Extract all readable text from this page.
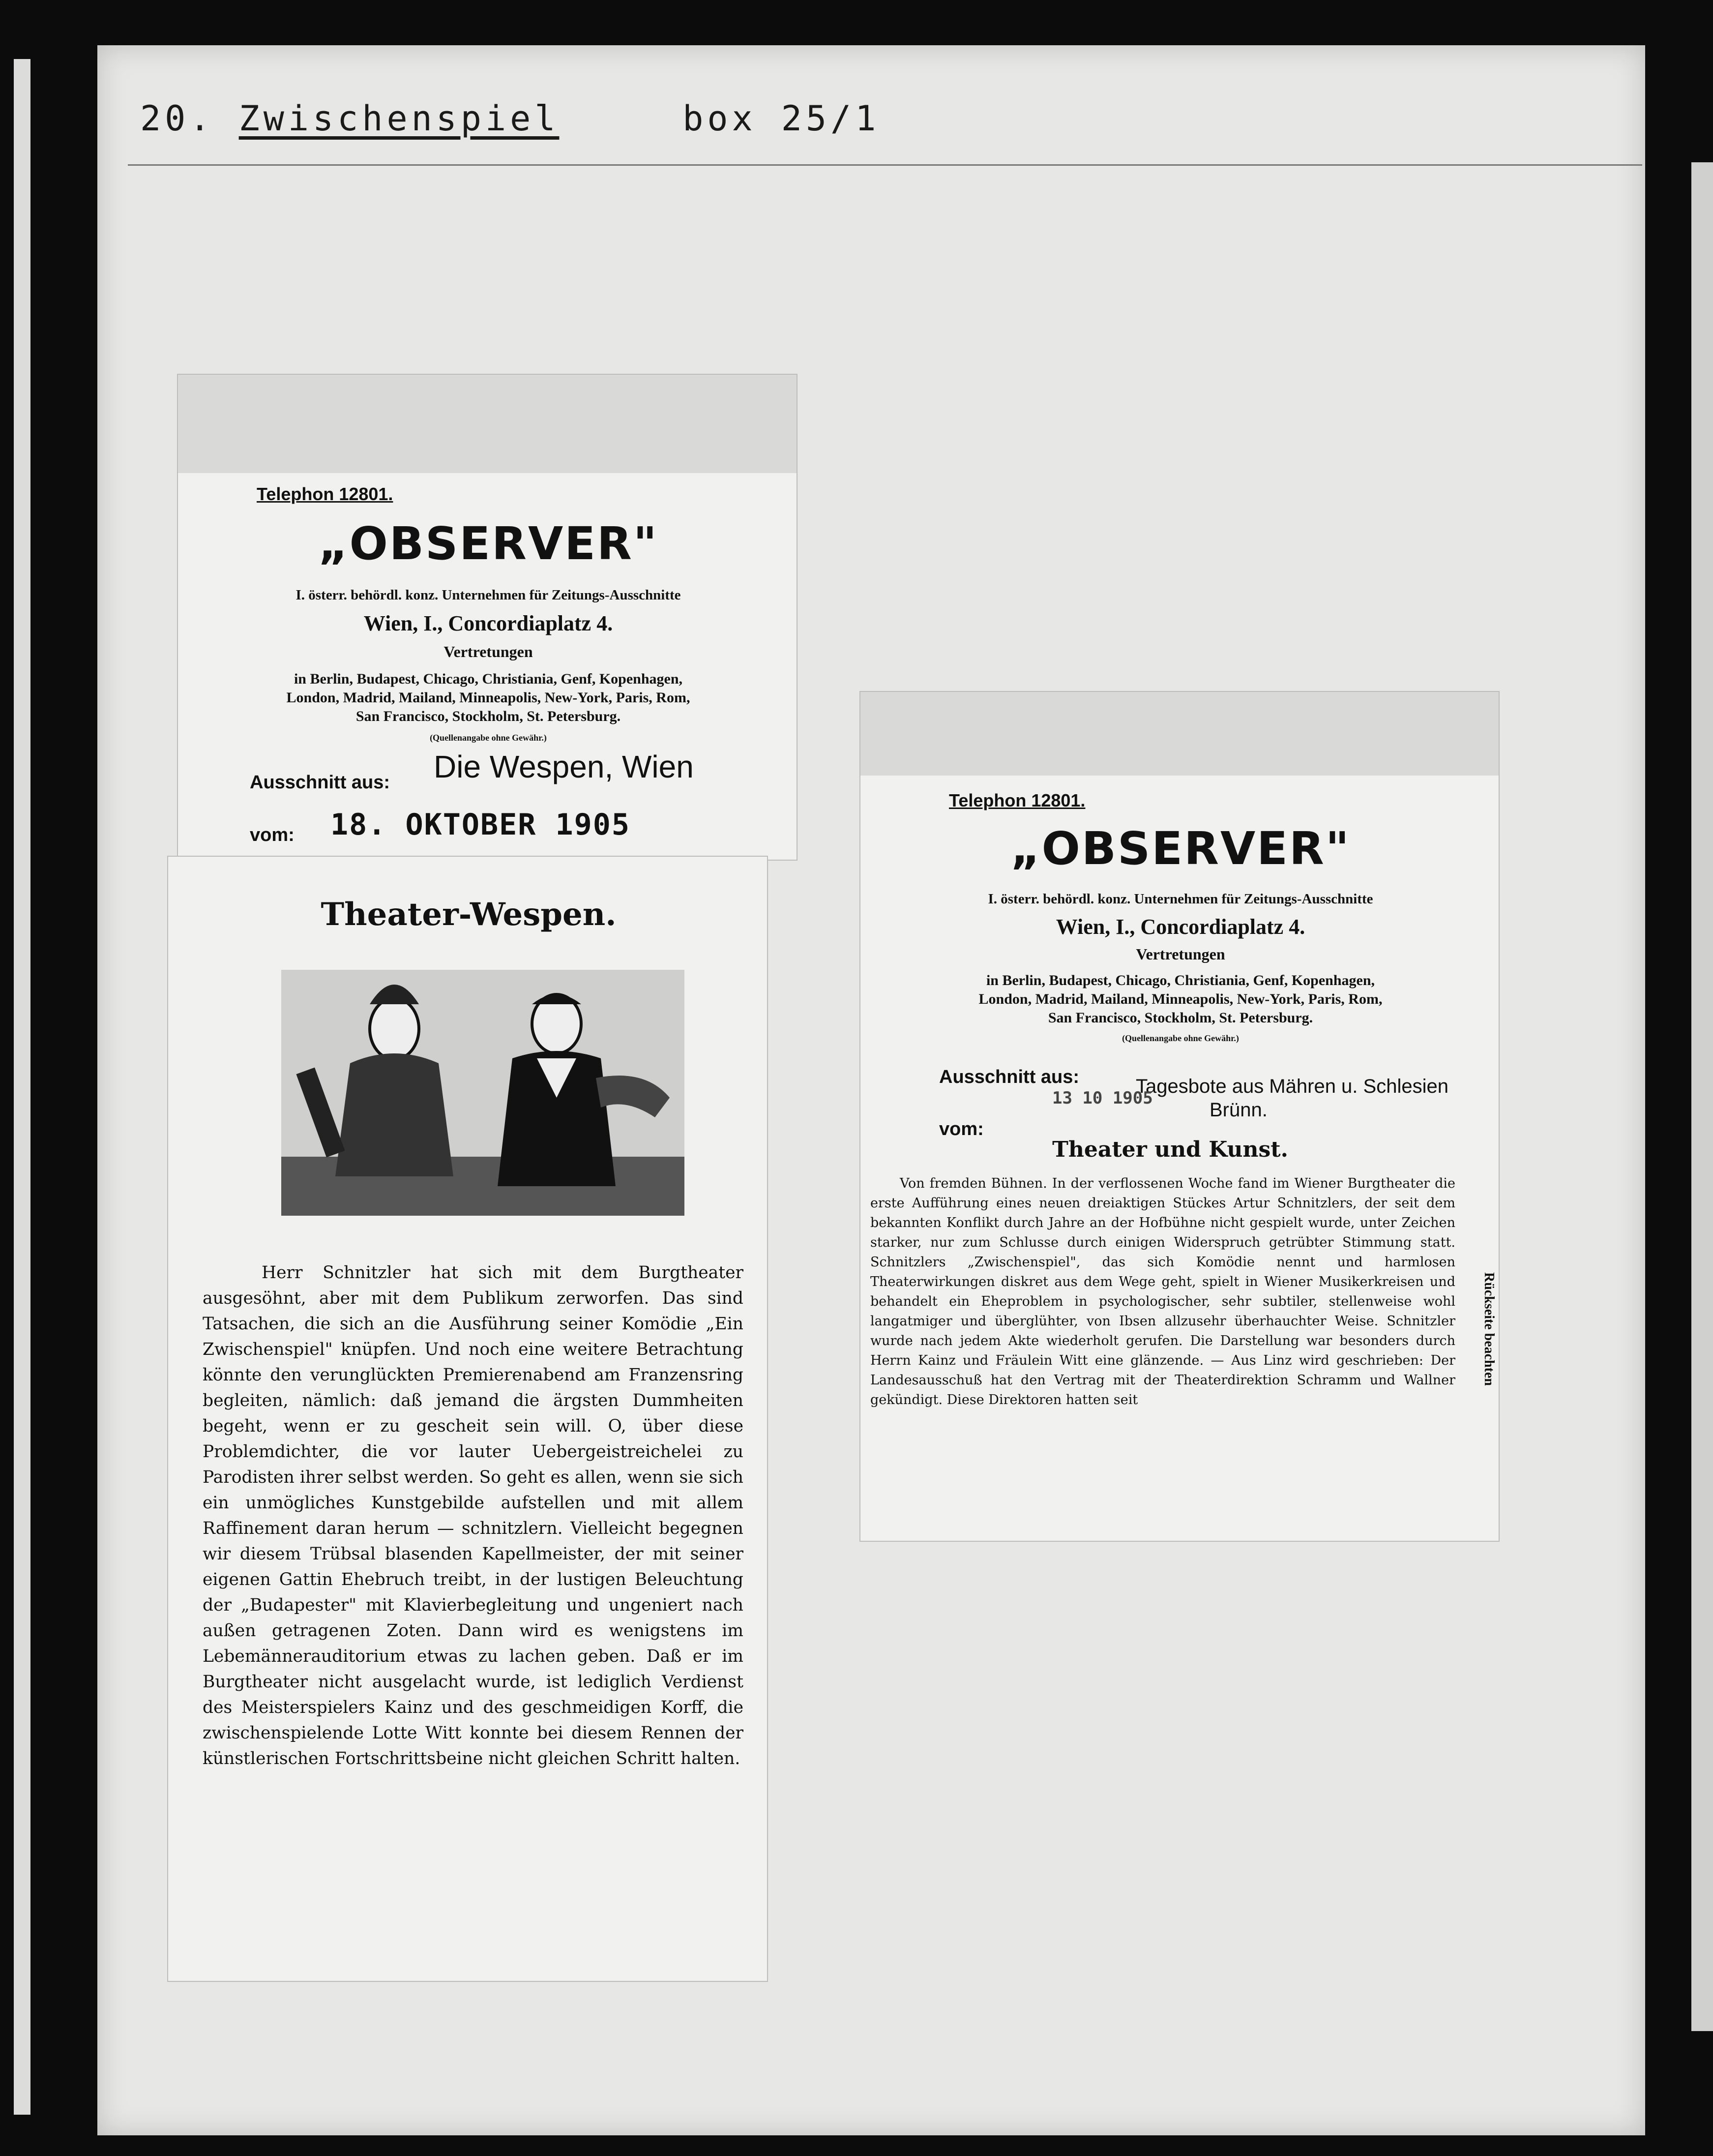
20. Zwischenspiel	box 25/1
Telephon 12801.
„OBSERVER"
I. österr. behördl. konz. Unternehmen für Zeitungs-Ausschnitte
Wien, I., Concordiaplatz 4.
Vertretungen
in Berlin, Budapest, Chicago, Christiania, Genf, Kopenhagen,
London, Madrid, Mailand, Minneapolis, New-York, Paris, Rom,
San Francisco, Stockholm, St. Petersburg.
(Quellenangabe ohne Gewähr.)
Ausschnitt aus: Die Wespen, Wien
vom: 18. OKTOBER 1905
Theater-Wespen.
Herr Schnitzler hat sich mit dem Burgtheater ausgesöhnt, aber mit dem Publikum zerworfen. Das sind Tatsachen, die sich an die Ausführung seiner Komödie „Ein Zwischenspiel" knüpfen. Und noch eine weitere Betrachtung könnte den verunglückten Premierenabend am Franzensring begleiten, nämlich: daß jemand die ärgsten Dummheiten begeht, wenn er zu gescheit sein will. O, über diese Problemdichter, die vor lauter Uebergeistreichelei zu Parodisten ihrer selbst werden. So geht es allen, wenn sie sich ein unmögliches Kunstgebilde aufstellen und mit allem Raffinement daran herum — schnitzlern. Vielleicht begegnen wir diesem Trübsal blasenden Kapellmeister, der mit seiner eigenen Gattin Ehebruch treibt, in der lustigen Beleuchtung der „Budapester" mit Klavierbegleitung und ungeniert nach außen getragenen Zoten. Dann wird es wenigstens im Lebemännerauditorium etwas zu lachen geben. Daß er im Burgtheater nicht ausgelacht wurde, ist lediglich Verdienst des Meisterspielers Kainz und des geschmeidigen Korff, die zwischenspielende Lotte Witt konnte bei diesem Rennen der künstlerischen Fortschrittsbeine nicht gleichen Schritt halten.
Telephon 12801.
„OBSERVER"
I. österr. behördl. konz. Unternehmen für Zeitungs-Ausschnitte
Wien, I., Concordiaplatz 4.
Vertretungen
in Berlin, Budapest, Chicago, Christiania, Genf, Kopenhagen,
London, Madrid, Mailand, Minneapolis, New-York, Paris, Rom,
San Francisco, Stockholm, St. Petersburg.
(Quellenangabe ohne Gewähr.)
Ausschnitt aus:	Tagesbote aus Mähren u. Schlesien
13 10 1905
Brünn.
vom:
Theater und Kunst.
Von fremden Bühnen. In der verflossenen Woche fand im Wiener Burgtheater die erste Aufführung eines neuen dreiaktigen Stückes Artur Schnitzlers, der seit dem bekannten Konflikt durch Jahre an der Hofbühne nicht gespielt wurde, unter Zeichen starker, nur zum Schlusse durch einigen Widerspruch getrübter Stimmung statt. Schnitzlers „Zwischenspiel", das sich Komödie nennt und harmlosen Theaterwirkungen diskret aus dem Wege geht, spielt in Wiener Musikerkreisen und behandelt ein Eheproblem in psychologischer, sehr subtiler, stellenweise wohl langatmiger und überglühter, von Ibsen allzusehr überhauchter Weise. Schnitzler wurde nach jedem Akte wiederholt gerufen. Die Darstellung war besonders durch Herrn Kainz und Fräulein Witt eine glänzende. — Aus Linz wird geschrieben: Der Landesausschuß hat den Vertrag mit der Theaterdirektion Schramm und Wallner gekündigt. Diese Direktoren hatten seit
Rückseite beachten
